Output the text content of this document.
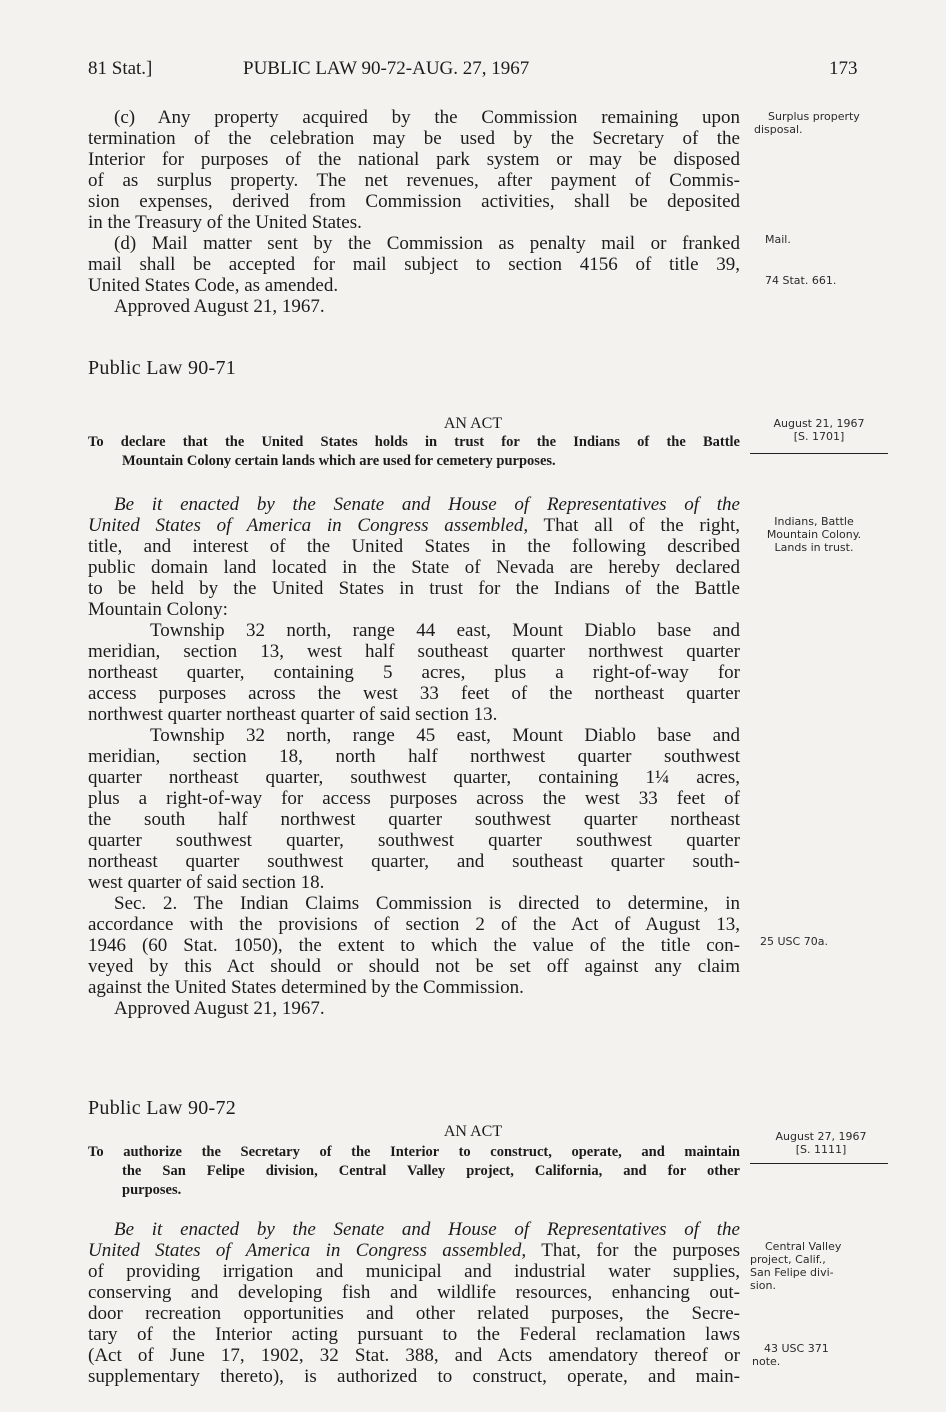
81 Stat.]	PUBLIC LAW 90-72-AUG. 27, 1967	173
(c) Any property acquired by the Commission remaining upon
termination of the celebration may be used by the Secretary of the
Interior for purposes of the national park system or may be disposed
of as surplus property. The net revenues, after payment of Commis-
sion expenses, derived from Commission activities, shall be deposited
in the Treasury of the United States.
(d) Mail matter sent by the Commission as penalty mail or franked
mail shall be accepted for mail subject to section 4156 of title 39,
United States Code, as amended.
Approved August 21, 1967.
Public Law 90-71
AN ACT
To declare that the United States holds in trust for the Indians of the Battle
Mountain Colony certain lands which are used for cemetery purposes.
Be it enacted by the Senate and House of Representatives of the
United States of America in Congress assembled, That all of the right,
title, and interest of the United States in the following described
public domain land located in the State of Nevada are hereby declared
to be held by the United States in trust for the Indians of the Battle
Mountain Colony:
Township 32 north, range 44 east, Mount Diablo base and
meridian, section 13, west half southeast quarter northwest quarter
northeast quarter, containing 5 acres, plus a right-of-way for
access purposes across the west 33 feet of the northeast quarter
northwest quarter northeast quarter of said section 13.
Township 32 north, range 45 east, Mount Diablo base and
meridian, section 18, north half northwest quarter southwest
quarter northeast quarter, southwest quarter, containing 1¼ acres,
plus a right-of-way for access purposes across the west 33 feet of
the south half northwest quarter southwest quarter northeast
quarter southwest quarter, southwest quarter southwest quarter
northeast quarter southwest quarter, and southeast quarter south-
west quarter of said section 18.
Sec. 2. The Indian Claims Commission is directed to determine, in
accordance with the provisions of section 2 of the Act of August 13,
1946 (60 Stat. 1050), the extent to which the value of the title con-
veyed by this Act should or should not be set off against any claim
against the United States determined by the Commission.
Approved August 21, 1967.
Public Law 90-72
AN ACT
To authorize the Secretary of the Interior to construct, operate, and maintain
the San Felipe division, Central Valley project, California, and for other
purposes.
Be it enacted by the Senate and House of Representatives of the
United States of America in Congress assembled, That, for the purposes
of providing irrigation and municipal and industrial water supplies,
conserving and developing fish and wildlife resources, enhancing out-
door recreation opportunities and other related purposes, the Secre-
tary of the Interior acting pursuant to the Federal reclamation laws
(Act of June 17, 1902, 32 Stat. 388, and Acts amendatory thereof or
supplementary thereto), is authorized to construct, operate, and main-
Surplus property
disposal.
Mail.
74 Stat. 661.
August 21, 1967
[S. 1701]
Indians, Battle
Mountain Colony.
Lands in trust.
25 USC 70a.
August 27, 1967
[S. 1111]
Central Valley
project, Calif.,
San Felipe divi-
sion.
43 USC 371
note.
